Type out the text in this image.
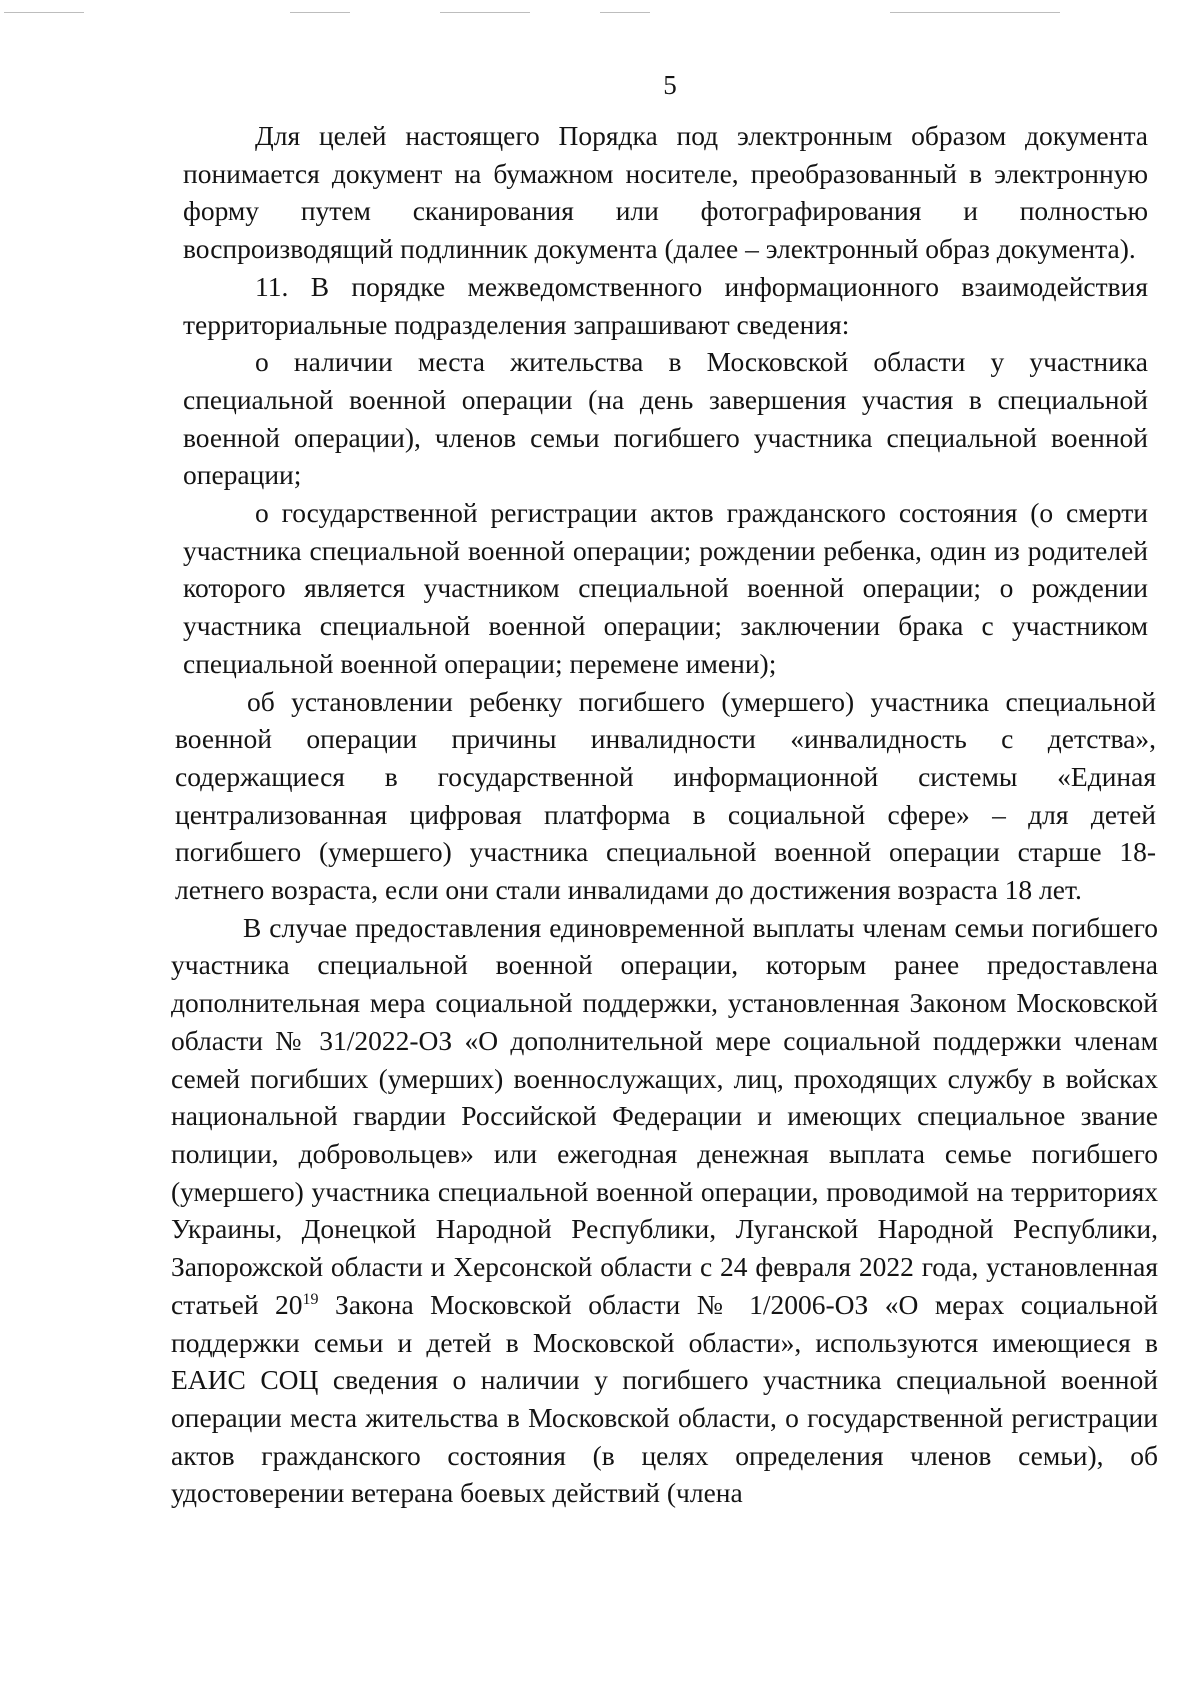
5

Для целей настоящего Порядка под электронным образом документа понимается документ на бумажном носителе, преобразованный в электронную форму путем сканирования или фотографирования и полностью воспроизводящий подлинник документа (далее – электронный образ документа).

11. В порядке межведомственного информационного взаимодействия территориальные подразделения запрашивают сведения:

о наличии места жительства в Московской области у участника специальной военной операции (на день завершения участия в специальной военной операции), членов семьи погибшего участника специальной военной операции;

о государственной регистрации актов гражданского состояния (о смерти участника специальной военной операции; рождении ребенка, один из родителей которого является участником специальной военной операции; о рождении участника специальной военной операции; заключении брака с участником специальной военной операции; перемене имени);

об установлении ребенку погибшего (умершего) участника специальной военной операции причины инвалидности «инвалидность с детства», содержащиеся в государственной информационной системы «Единая централизованная цифровая платформа в социальной сфере» – для детей погибшего (умершего) участника специальной военной операции старше 18-летнего возраста, если они стали инвалидами до достижения возраста 18 лет.

В случае предоставления единовременной выплаты членам семьи погибшего участника специальной военной операции, которым ранее предоставлена дополнительная мера социальной поддержки, установленная Законом Московской области № 31/2022-ОЗ «О дополнительной мере социальной поддержки членам семей погибших (умерших) военнослужащих, лиц, проходящих службу в войсках национальной гвардии Российской Федерации и имеющих специальное звание полиции, добровольцев» или ежегодная денежная выплата семье погибшего (умершего) участника специальной военной операции, проводимой на территориях Украины, Донецкой Народной Республики, Луганской Народной Республики, Запорожской области и Херсонской области с 24 февраля 2022 года, установленная статьей $20^{19}$ Закона Московской области № 1/2006-ОЗ «О мерах социальной поддержки семьи и детей в Московской области», используются имеющиеся в ЕАИС СОЦ сведения о наличии у погибшего участника специальной военной операции места жительства в Московской области, о государственной регистрации актов гражданского состояния (в целях определения членов семьи), об удостоверении ветерана боевых действий (члена
